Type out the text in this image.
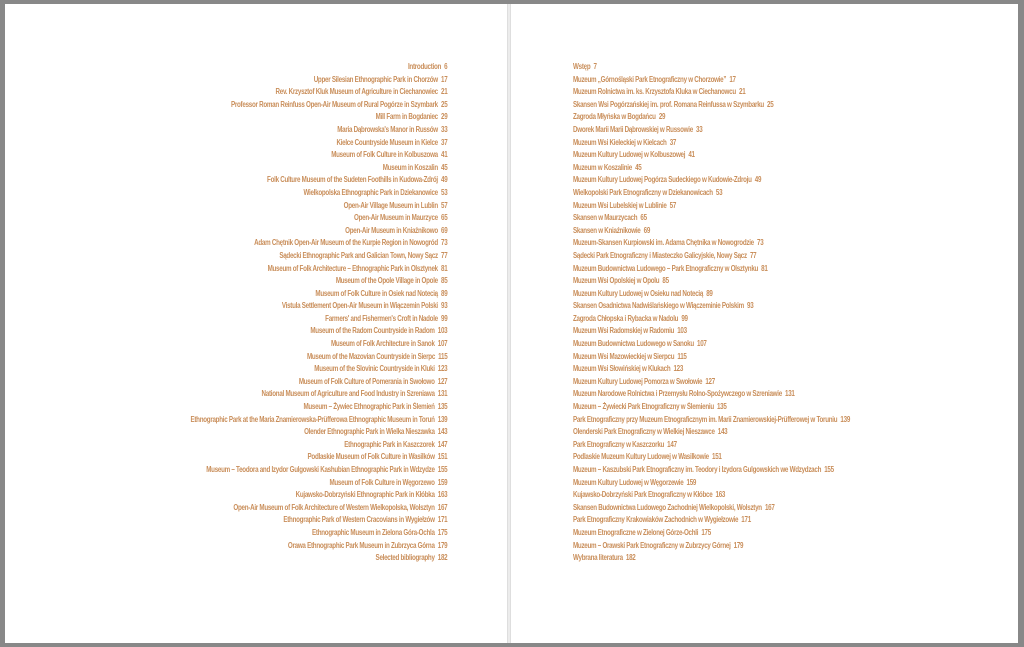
Introduction 6
Upper Silesian Ethnographic Park in Chorzów 17
Rev. Krzysztof Kluk Museum of Agriculture in Ciechanowiec 21
Professor Roman Reinfuss Open-Air Museum of Rural Pogórze in Szymbark 25
Mill Farm in Bogdaniec 29
Maria Dąbrowska's Manor in Russów 33
Kielce Countryside Museum in Kielce 37
Museum of Folk Culture in Kolbuszowa 41
Museum in Koszalin 45
Folk Culture Museum of the Sudeten Foothills in Kudowa-Zdrój 49
Wielkopolska Ethnographic Park in Dziekanowice 53
Open-Air Village Museum in Lublin 57
Open-Air Museum in Maurzyce 65
Open-Air Museum in Kniaźnikowo 69
Adam Chętnik Open-Air Museum of the Kurpie Region in Nowogród 73
Sądecki Ethnographic Park and Galician Town, Nowy Sącz 77
Museum of Folk Architecture – Ethnographic Park in Olsztynek 81
Museum of the Opole Village in Opole 85
Museum of Folk Culture in Osiek nad Notecią 89
Vistula Settlement Open-Air Museum in Wiączemin Polski 93
Farmers' and Fishermen's Croft in Nadole 99
Museum of the Radom Countryside in Radom 103
Museum of Folk Architecture in Sanok 107
Museum of the Mazovian Countryside in Sierpc 115
Museum of the Slovinic Countryside in Kluki 123
Museum of Folk Culture of Pomerania in Swołowo 127
National Museum of Agriculture and Food Industry in Szreniawa 131
Museum – Żywiec Ethnographic Park in Ślemień 135
Ethnographic Park at the Maria Znamierowska-Prüfferowa Ethnographic Museum in Toruń 139
Olender Ethnographic Park in Wielka Nieszawka 143
Ethnographic Park in Kaszczorek 147
Podlaskie Museum of Folk Culture in Wasilków 151
Museum – Teodora and Izydor Gulgowski Kashubian Ethnographic Park in Wdzydze 155
Museum of Folk Culture in Węgorzewo 159
Kujawsko-Dobrzyński Ethnographic Park in Kłóbka 163
Open-Air Museum of Folk Architecture of Western Wielkopolska, Wolsztyn 167
Ethnographic Park of Western Cracovians in Wygiełzów 171
Ethnographic Museum in Zielona Góra-Ochla 175
Orawa Ethnographic Park Museum in Zubrzyca Górna 179
Selected bibliography 182
Wstęp 7
Muzeum „Górnośląski Park Etnograficzny w Chorzowie” 17
Muzeum Rolnictwa im. ks. Krzysztofa Kluka w Ciechanowcu 21
Skansen Wsi Pogórzańskiej im. prof. Romana Reinfussa w Szymbarku 25
Zagroda Młyńska w Bogdańcu 29
Dworek Marii Marii Dąbrowskiej w Russowie 33
Muzeum Wsi Kieleckiej w Kielcach 37
Muzeum Kultury Ludowej w Kolbuszowej 41
Muzeum w Koszalinie 45
Muzeum Kultury Ludowej Pogórza Sudeckiego w Kudowie-Zdroju 49
Wielkopolski Park Etnograficzny w Dziekanowicach 53
Muzeum Wsi Lubelskiej w Lublinie 57
Skansen w Maurzycach 65
Skansen w Kniaźnikowie 69
Muzeum-Skansen Kurpiowski im. Adama Chętnika w Nowogrodzie 73
Sądecki Park Etnograficzny i Miasteczko Galicyjskie, Nowy Sącz 77
Muzeum Budownictwa Ludowego – Park Etnograficzny w Olsztynku 81
Muzeum Wsi Opolskiej w Opolu 85
Muzeum Kultury Ludowej w Osieku nad Notecią 89
Skansen Osadnictwa Nadwiślańskiego w Wiączeminie Polskim 93
Zagroda Chłopska i Rybacka w Nadolu 99
Muzeum Wsi Radomskiej w Radomiu 103
Muzeum Budownictwa Ludowego w Sanoku 107
Muzeum Wsi Mazowieckiej w Sierpcu 115
Muzeum Wsi Słowińskiej w Klukach 123
Muzeum Kultury Ludowej Pomorza w Swołowie 127
Muzeum Narodowe Rolnictwa i Przemysłu Rolno-Spożywczego w Szreniawie 131
Muzeum – Żywiecki Park Etnograficzny w Ślemieniu 135
Park Etnograficzny przy Muzeum Etnograficznym im. Marii Znamierowskiej-Prüfferowej w Toruniu 139
Olenderski Park Etnograficzny w Wielkiej Nieszawce 143
Park Etnograficzny w Kaszczorku 147
Podlaskie Muzeum Kultury Ludowej w Wasilkowie 151
Muzeum – Kaszubski Park Etnograficzny im. Teodory i Izydora Gulgowskich we Wdzydzach 155
Muzeum Kultury Ludowej w Węgorzewie 159
Kujawsko-Dobrzyński Park Etnograficzny w Kłóbce 163
Skansen Budownictwa Ludowego Zachodniej Wielkopolski, Wolsztyn 167
Park Etnograficzny Krakowiaków Zachodnich w Wygiełzowie 171
Muzeum Etnograficzne w Zielonej Górze-Ochli 175
Muzeum – Orawski Park Etnograficzny w Zubrzycy Górnej 179
Wybrana literatura 182
